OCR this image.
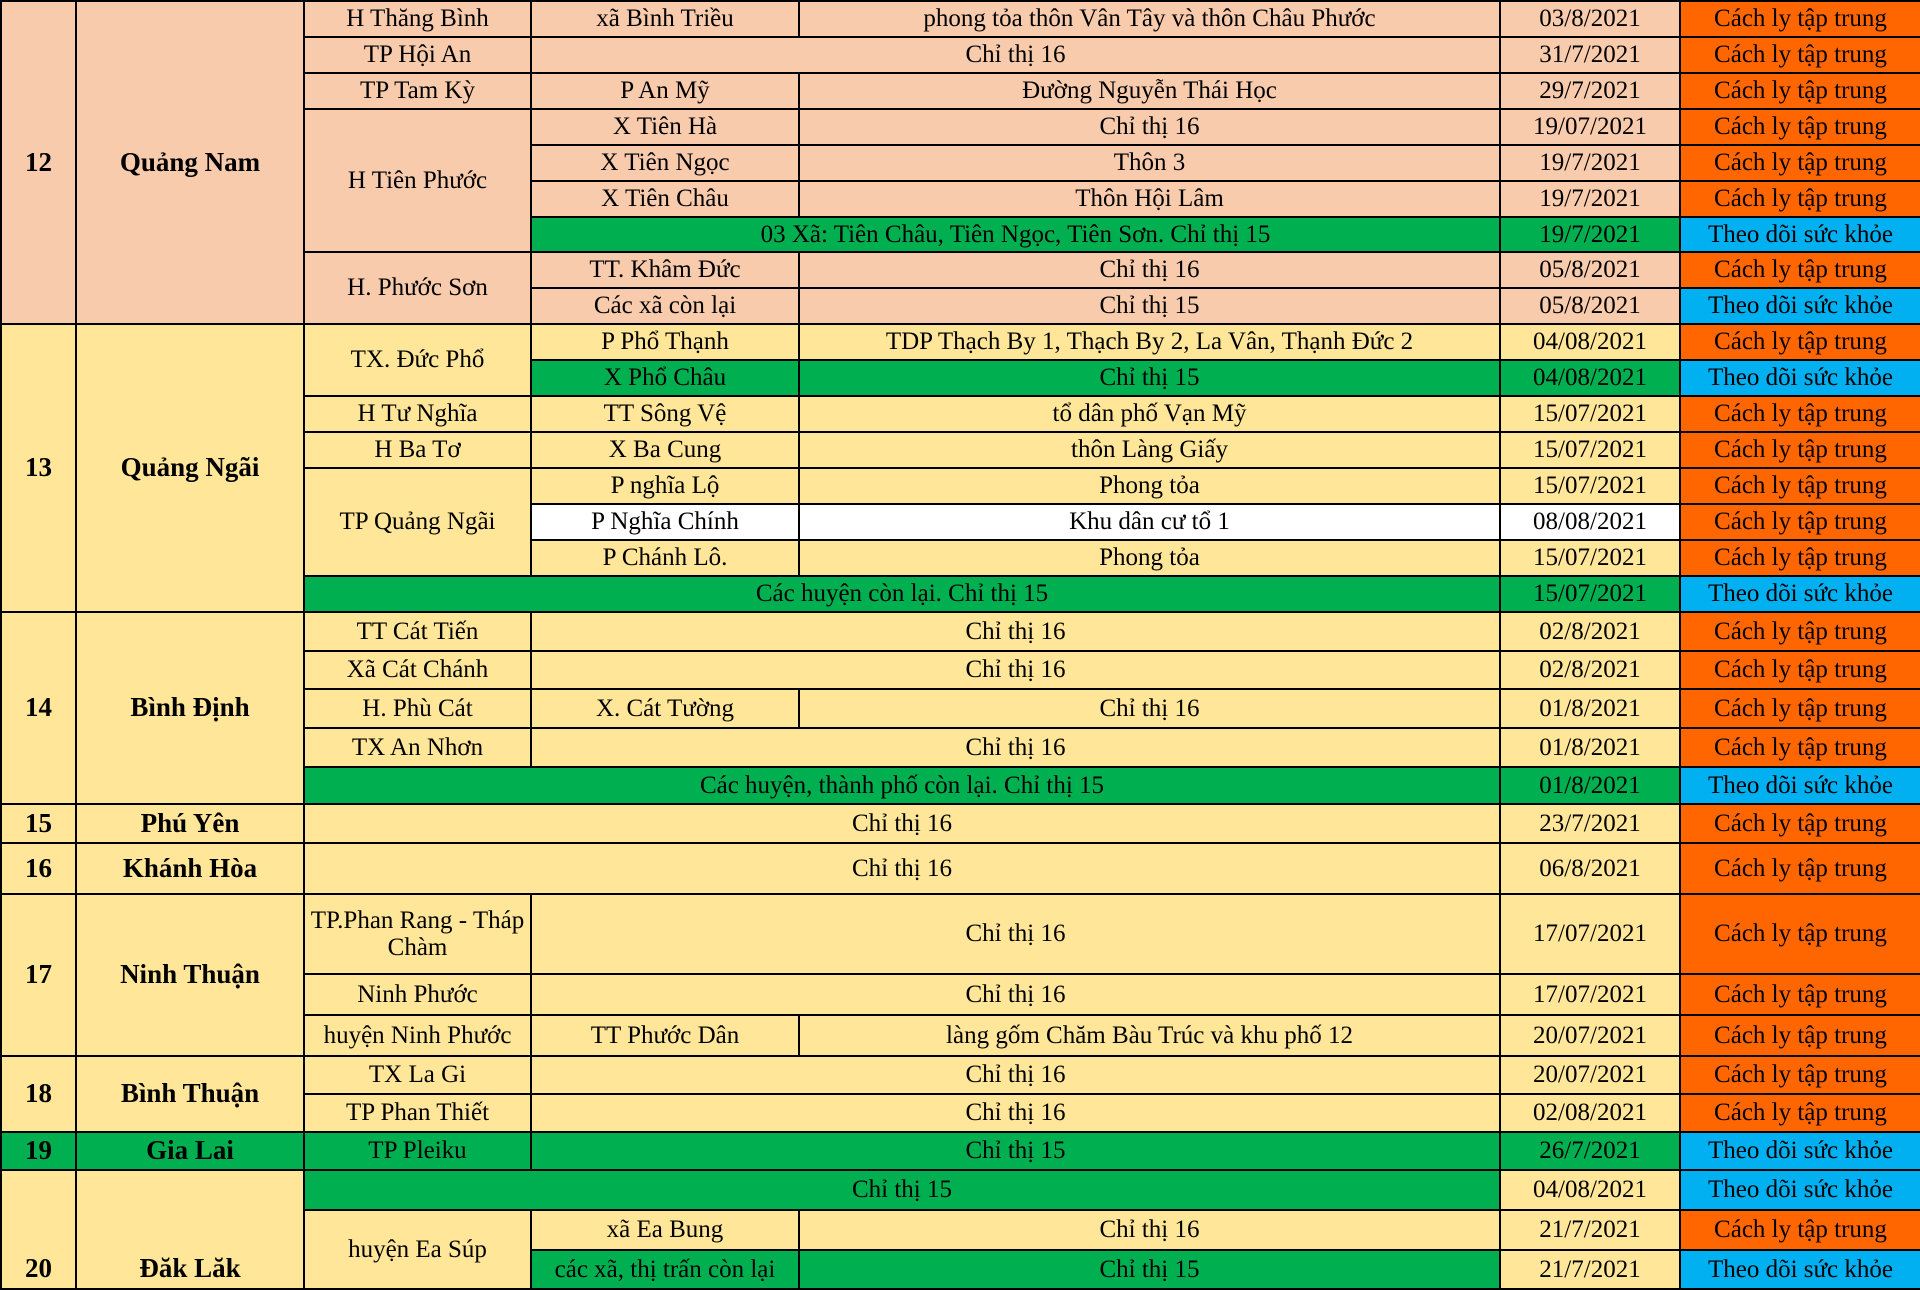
12	Quảng Nam	H Thăng Bình	xã Bình Triều	phong tỏa thôn Vân Tây và thôn Châu Phước	03/8/2021	Cách ly tập trung
		TP Hội An	Chỉ thị 16		31/7/2021	Cách ly tập trung
		TP Tam Kỳ	P An Mỹ	Đường Nguyễn Thái Học	29/7/2021	Cách ly tập trung
		H Tiên Phước	X Tiên Hà	Chỉ thị 16	19/07/2021	Cách ly tập trung
			X Tiên Ngọc	Thôn 3	19/7/2021	Cách ly tập trung
			X Tiên Châu	Thôn Hội Lâm	19/7/2021	Cách ly tập trung
			03 Xã: Tiên Châu, Tiên Ngọc, Tiên Sơn. Chỉ thị 15		19/7/2021	Theo dõi sức khỏe
		H. Phước Sơn	TT. Khâm Đức	Chỉ thị 16	05/8/2021	Cách ly tập trung
			Các xã còn lại	Chỉ thị 15	05/8/2021	Theo dõi sức khỏe
13	Quảng Ngãi	TX. Đức Phổ	P Phổ Thạnh	TDP Thạch By 1, Thạch By 2, La Vân, Thạnh Đức 2	04/08/2021	Cách ly tập trung
			X Phổ Châu	Chỉ thị 15	04/08/2021	Theo dõi sức khỏe
		H Tư Nghĩa	TT Sông Vệ	tổ dân phố Vạn Mỹ	15/07/2021	Cách ly tập trung
		H Ba Tơ	X Ba Cung	thôn Làng Giấy	15/07/2021	Cách ly tập trung
		TP Quảng Ngãi	P nghĩa Lộ	Phong tỏa	15/07/2021	Cách ly tập trung
			P Nghĩa Chính	Khu dân cư tổ 1	08/08/2021	Cách ly tập trung
			P Chánh Lô.	Phong tỏa	15/07/2021	Cách ly tập trung
		Các huyện còn lại. Chỉ thị 15			15/07/2021	Theo dõi sức khỏe
14	Bình Định	TT Cát Tiến	Chỉ thị 16		02/8/2021	Cách ly tập trung
		Xã Cát Chánh	Chỉ thị 16		02/8/2021	Cách ly tập trung
		H. Phù Cát	X. Cát Tường	Chỉ thị 16	01/8/2021	Cách ly tập trung
		TX An Nhơn	Chỉ thị 16		01/8/2021	Cách ly tập trung
		Các huyện, thành phố còn lại. Chỉ thị 15			01/8/2021	Theo dõi sức khỏe
15	Phú Yên	Chỉ thị 16			23/7/2021	Cách ly tập trung
16	Khánh Hòa	Chỉ thị 16			06/8/2021	Cách ly tập trung
17	Ninh Thuận	TP.Phan Rang - Tháp Chàm	Chỉ thị 16		17/07/2021	Cách ly tập trung
		Ninh Phước	Chỉ thị 16		17/07/2021	Cách ly tập trung
		huyện Ninh Phước	TT Phước Dân	làng gốm Chăm Bàu Trúc và khu phố 12	20/07/2021	Cách ly tập trung
18	Bình Thuận	TX La Gi	Chỉ thị 16		20/07/2021	Cách ly tập trung
		TP Phan Thiết	Chỉ thị 16		02/08/2021	Cách ly tập trung
19	Gia Lai	TP Pleiku	Chỉ thị 15		26/7/2021	Theo dõi sức khỏe
20	Đăk Lăk	Chỉ thị 15			04/08/2021	Theo dõi sức khỏe
		huyện Ea Súp	xã Ea Bung	Chỉ thị 16	21/7/2021	Cách ly tập trung
			các xã, thị trấn còn lại	Chỉ thị 15	21/7/2021	Theo dõi sức khỏe
